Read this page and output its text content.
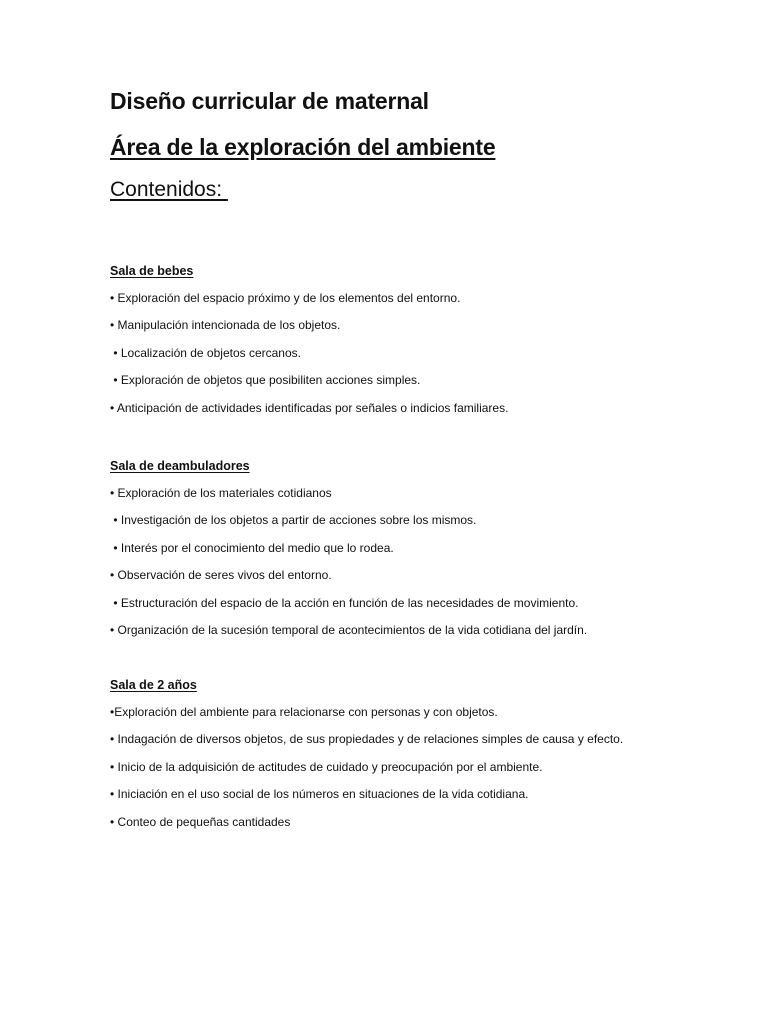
Diseño curricular de maternal
Área de la exploración del ambiente
Contenidos:
Sala de bebes
• Exploración del espacio próximo y de los elementos del entorno.
• Manipulación intencionada de los objetos.
• Localización de objetos cercanos.
• Exploración de objetos que posibiliten acciones simples.
• Anticipación de actividades identificadas por señales o indicios familiares.
Sala de deambuladores
• Exploración de los materiales cotidianos
• Investigación de los objetos a partir de acciones sobre los mismos.
• Interés por el conocimiento del medio que lo rodea.
• Observación de seres vivos del entorno.
• Estructuración del espacio de la acción en función de las necesidades de movimiento.
• Organización de la sucesión temporal de acontecimientos de la vida cotidiana del jardín.
Sala de 2 años
•Exploración del ambiente para relacionarse con personas y con objetos.
• Indagación de diversos objetos, de sus propiedades y de relaciones simples de causa y efecto.
• Inicio de la adquisición de actitudes de cuidado y preocupación por el ambiente.
• Iniciación en el uso social de los números en situaciones de la vida cotidiana.
• Conteo de pequeñas cantidades
